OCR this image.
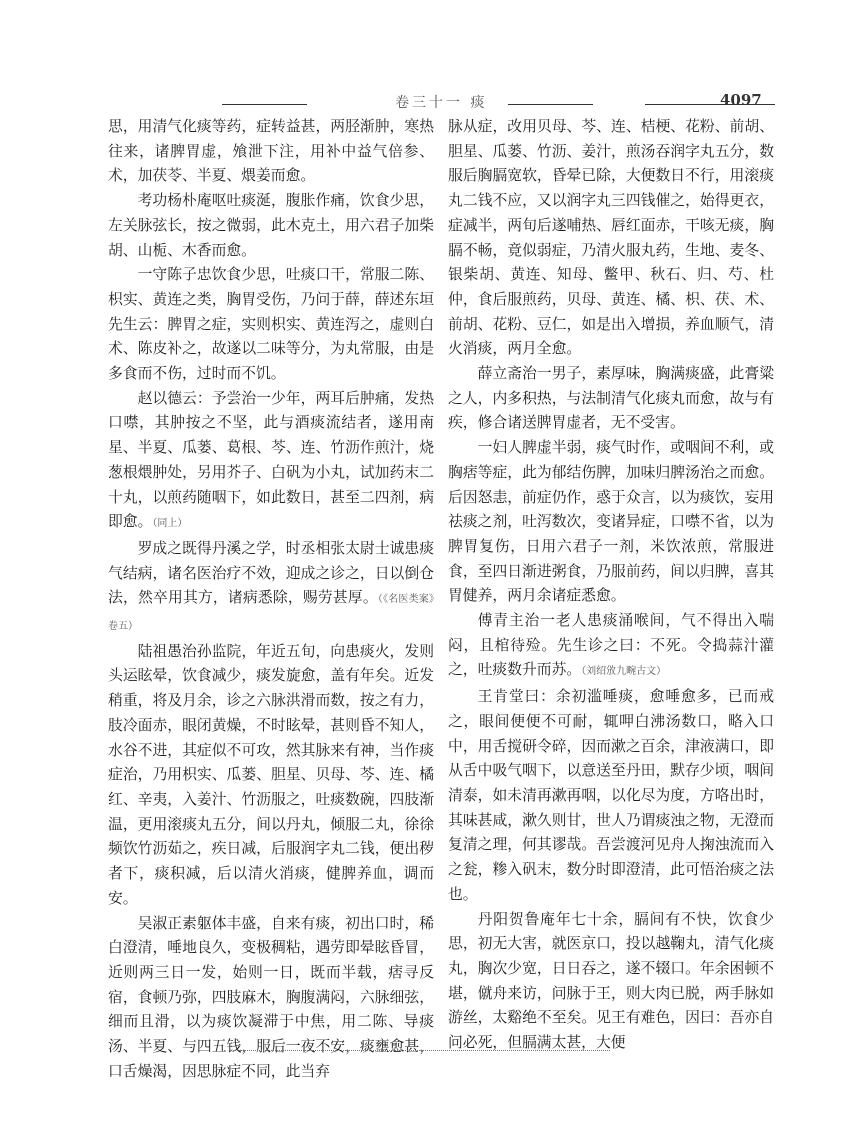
卷三十一 痰	4097

思，用清气化痰等药，症转益甚，两胫渐肿，寒热往来，诸脾胃虚，飧泄下注，用补中益气倍参、术，加茯苓、半夏、煨姜而愈。

考功杨朴庵呕吐痰涎，腹胀作痛，饮食少思，左关脉弦长，按之微弱，此木克土，用六君子加柴胡、山栀、木香而愈。

一守陈子忠饮食少思，吐痰口干，常服二陈、枳实、黄连之类，胸胃受伤，乃问于薛，薛述东垣先生云：脾胃之症，实则枳实、黄连泻之，虚则白术、陈皮补之，故遂以二味等分，为丸常服，由是多食而不伤，过时而不饥。

赵以德云：予尝治一少年，两耳后肿痛，发热口噤，其肿按之不坚，此与酒痰流结者，遂用南星、半夏、瓜蒌、葛根、芩、连、竹沥作煎汁，烧葱根煨肿处，另用芥子、白矾为小丸，试加药末二十丸，以煎药随咽下，如此数日，甚至二四剂，病即愈。（同上）

罗成之既得丹溪之学，时丞相张太尉士诚患痰气结病，诸名医治疗不效，迎成之诊之，日以倒仓法，然卒用其方，诸病悉除，赐劳甚厚。（《名医类案》卷五）

陆祖愚治孙监院，年近五旬，向患痰火，发则头运眩晕，饮食减少，痰发旋愈，盖有年矣。近发稍重，将及月余，诊之六脉洪滑而数，按之有力，肢冷面赤，眼闭黄燥，不时眩晕，甚则昏不知人，水谷不进，其症似不可攻，然其脉来有神，当作痰症治，乃用枳实、瓜蒌、胆星、贝母、芩、连、橘红、辛夷，入姜汁、竹沥服之，吐痰数碗，四肢渐温，更用滚痰丸五分，间以丹丸，倾服二丸，徐徐频饮竹沥茹之，疾日减，后服润字丸二钱，便出秽者下，痰积减，后以清火消痰，健脾养血，调而安。

吴淑正素躯体丰盛，自来有痰，初出口时，稀白澄清，唾地良久，变极稠粘，遇劳即晕眩昏冒，近则两三日一发，始则一日，既而半载，痞寻反宿，食顿乃弥，四肢麻木，胸腹满闷，六脉细弦，细而且滑，以为痰饮凝滞于中焦，用二陈、导痰汤、半夏、与四五钱，服后一夜不安，痰壅愈甚，口舌燥渴，因思脉症不同，此当弃

脉从症，改用贝母、芩、连、桔梗、花粉、前胡、胆星、瓜蒌、竹沥、姜汁，煎汤吞润字丸五分，数服后胸膈宽软，昏晕已除，大便数日不行，用滚痰丸二钱不应，又以润字丸三四钱催之，始得更衣，症减半，两旬后遂哺热、唇红面赤，干咳无痰，胸膈不畅，竟似弱症，乃清火服丸药，生地、麦冬、银柴胡、黄连、知母、鳖甲、秋石、归、芍、杜仲，食后服煎药，贝母、黄连、橘、枳、茯、术、前胡、花粉、豆仁，如是出入增损，养血顺气，清火消痰，两月全愈。

薛立斋治一男子，素厚味，胸满痰盛，此膏粱之人，内多积热，与法制清气化痰丸而愈，故与有疾，修合诸送脾胃虚者，无不受害。

一妇人脾虚半弱，痰气时作，或咽间不利，或胸痞等症，此为郁结伤脾，加味归脾汤治之而愈。后因怒恚，前症仍作，惑于众言，以为痰饮，妄用祛痰之剂，吐泻数次，变诸异症，口噤不省，以为脾胃复伤，日用六君子一剂，米饮浓煎，常服进食，至四日渐进粥食，乃服前药，间以归脾，喜其胃健养，两月余诸症悉愈。

傅青主治一老人患痰涌喉间，气不得出入喘闷，且棺待殓。先生诊之曰：不死。令捣蒜汁灌之，吐痰数升而苏。（刘绍攽九畹古文）

王肯堂曰：余初滥唾痰，愈唾愈多，已而戒之，眼间便便不可耐，辄呷白沸汤数口，略入口中，用舌搅研令碎，因而漱之百余，津液满口，即从舌中吸气咽下，以意送至丹田，默存少顷，咽间清泰，如未清再漱再咽，以化尽为度，方咯出时，其味甚咸，漱久则甘，世人乃谓痰浊之物，无澄而复清之理，何其谬哉。吾尝渡河见舟人掬浊流而入之瓮，糁入矾末，数分时即澄清，此可悟治痰之法也。

丹阳贺鲁庵年七十余，膈间有不快，饮食少思，初无大害，就医京口，投以越鞠丸，清气化痰丸，胸次少宽，日日吞之，遂不辍口。年余困顿不堪，僦舟来访，问脉于王，则大肉已脱，两手脉如游丝，太谿绝不至矣。见王有难色，因曰：吾亦自问必死，但膈满太甚，大便
